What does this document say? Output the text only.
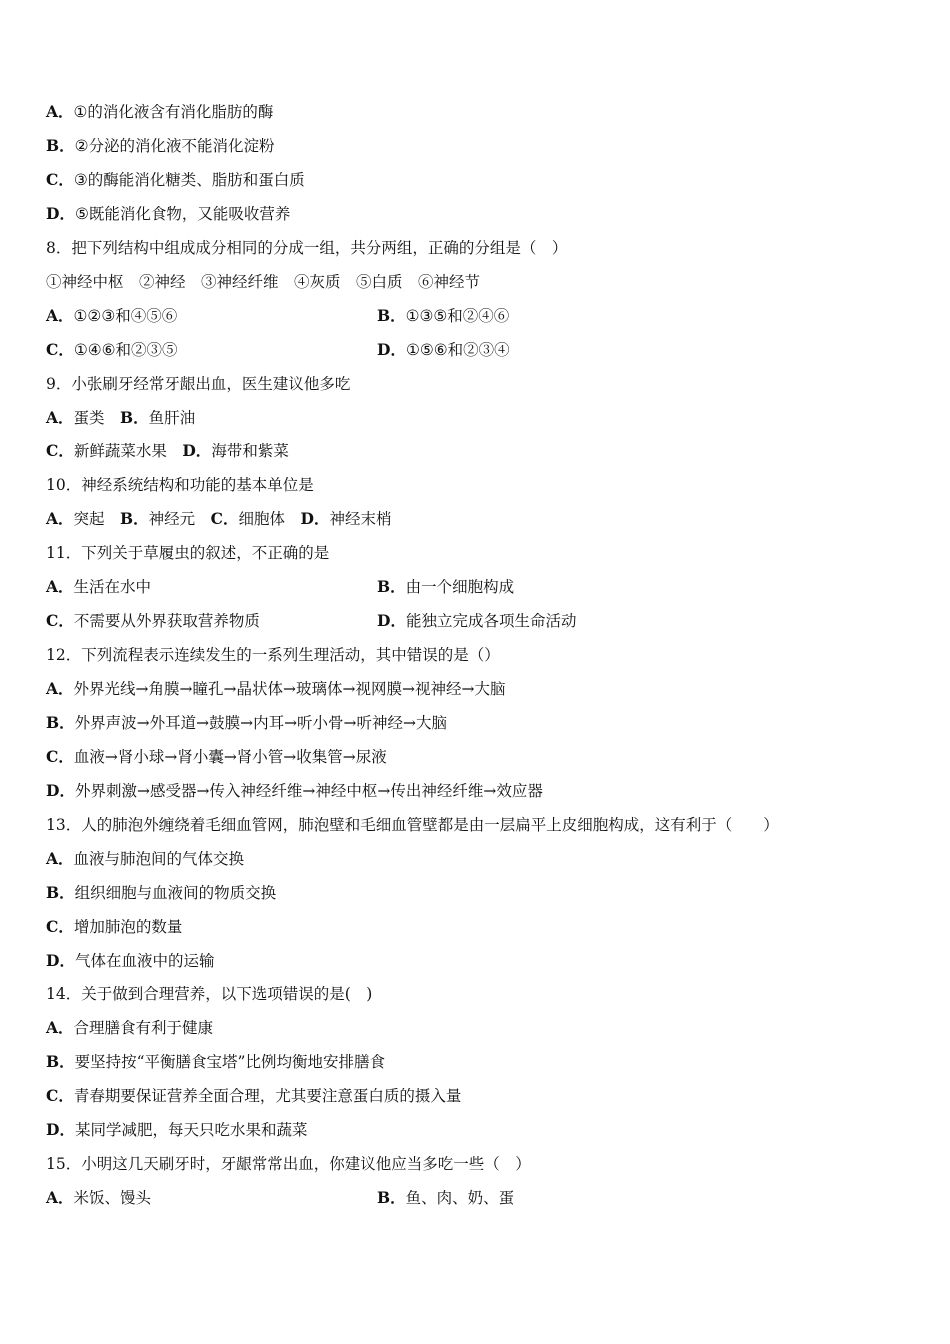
A．①的消化液含有消化脂肪的酶
B．②分泌的消化液不能消化淀粉
C．③的酶能消化糖类、脂肪和蛋白质
D．⑤既能消化食物，又能吸收营养
8．把下列结构中组成成分相同的分成一组，共分两组，正确的分组是（　）
①神经中枢　②神经　③神经纤维　④灰质　⑤白质　⑥神经节
A．①②③和④⑤⑥	B．①③⑤和②④⑥
C．①④⑥和②③⑤	D．①⑤⑥和②③④
9．小张刷牙经常牙龈出血，医生建议他多吃
A．蛋类　B．鱼肝油
C．新鲜蔬菜水果　D．海带和紫菜
10．神经系统结构和功能的基本单位是
A．突起　B．神经元　C．细胞体　D．神经末梢
11．下列关于草履虫的叙述，不正确的是
A．生活在水中	B．由一个细胞构成
C．不需要从外界获取营养物质	D．能独立完成各项生命活动
12．下列流程表示连续发生的一系列生理活动，其中错误的是（）
A．外界光线→角膜→瞳孔→晶状体→玻璃体→视网膜→视神经→大脑
B．外界声波→外耳道→鼓膜→内耳→听小骨→听神经→大脑
C．血液→肾小球→肾小囊→肾小管→收集管→尿液
D．外界刺激→感受器→传入神经纤维→神经中枢→传出神经纤维→效应器
13．人的肺泡外缠绕着毛细血管网，肺泡壁和毛细血管壁都是由一层扁平上皮细胞构成，这有利于（　　）
A．血液与肺泡间的气体交换
B．组织细胞与血液间的物质交换
C．增加肺泡的数量
D．气体在血液中的运输
14．关于做到合理营养，以下选项错误的是(　)
A．合理膳食有利于健康
B．要坚持按“平衡膳食宝塔”比例均衡地安排膳食
C．青春期要保证营养全面合理，尤其要注意蛋白质的摄入量
D．某同学减肥，每天只吃水果和蔬菜
15．小明这几天刷牙时，牙龈常常出血，你建议他应当多吃一些（　）
A．米饭、馒头	B．鱼、肉、奶、蛋
